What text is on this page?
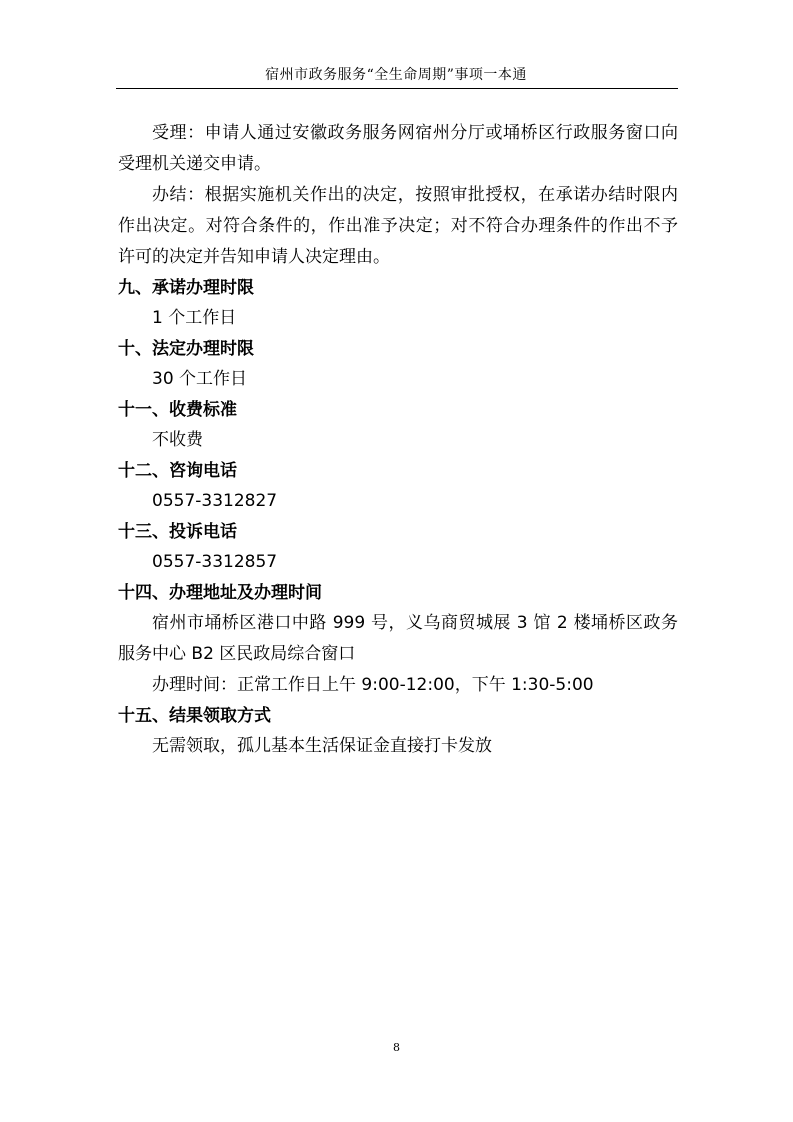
宿州市政务服务“全生命周期”事项一本通

受理：申请人通过安徽政务服务网宿州分厅或埇桥区行政服务窗口向受理机关递交申请。

办结：根据实施机关作出的决定，按照审批授权，在承诺办结时限内作出决定。对符合条件的，作出准予决定；对不符合办理条件的作出不予许可的决定并告知申请人决定理由。

九、承诺办理时限

1 个工作日

十、法定办理时限

30 个工作日

十一、收费标准

不收费

十二、咨询电话

0557-3312827

十三、投诉电话

0557-3312857

十四、办理地址及办理时间

宿州市埇桥区港口中路 999 号，义乌商贸城展 3 馆 2 楼埇桥区政务服务中心 B2 区民政局综合窗口

办理时间：正常工作日上午 9:00-12:00，下午 1:30-5:00

十五、结果领取方式

无需领取，孤儿基本生活保证金直接打卡发放

8
